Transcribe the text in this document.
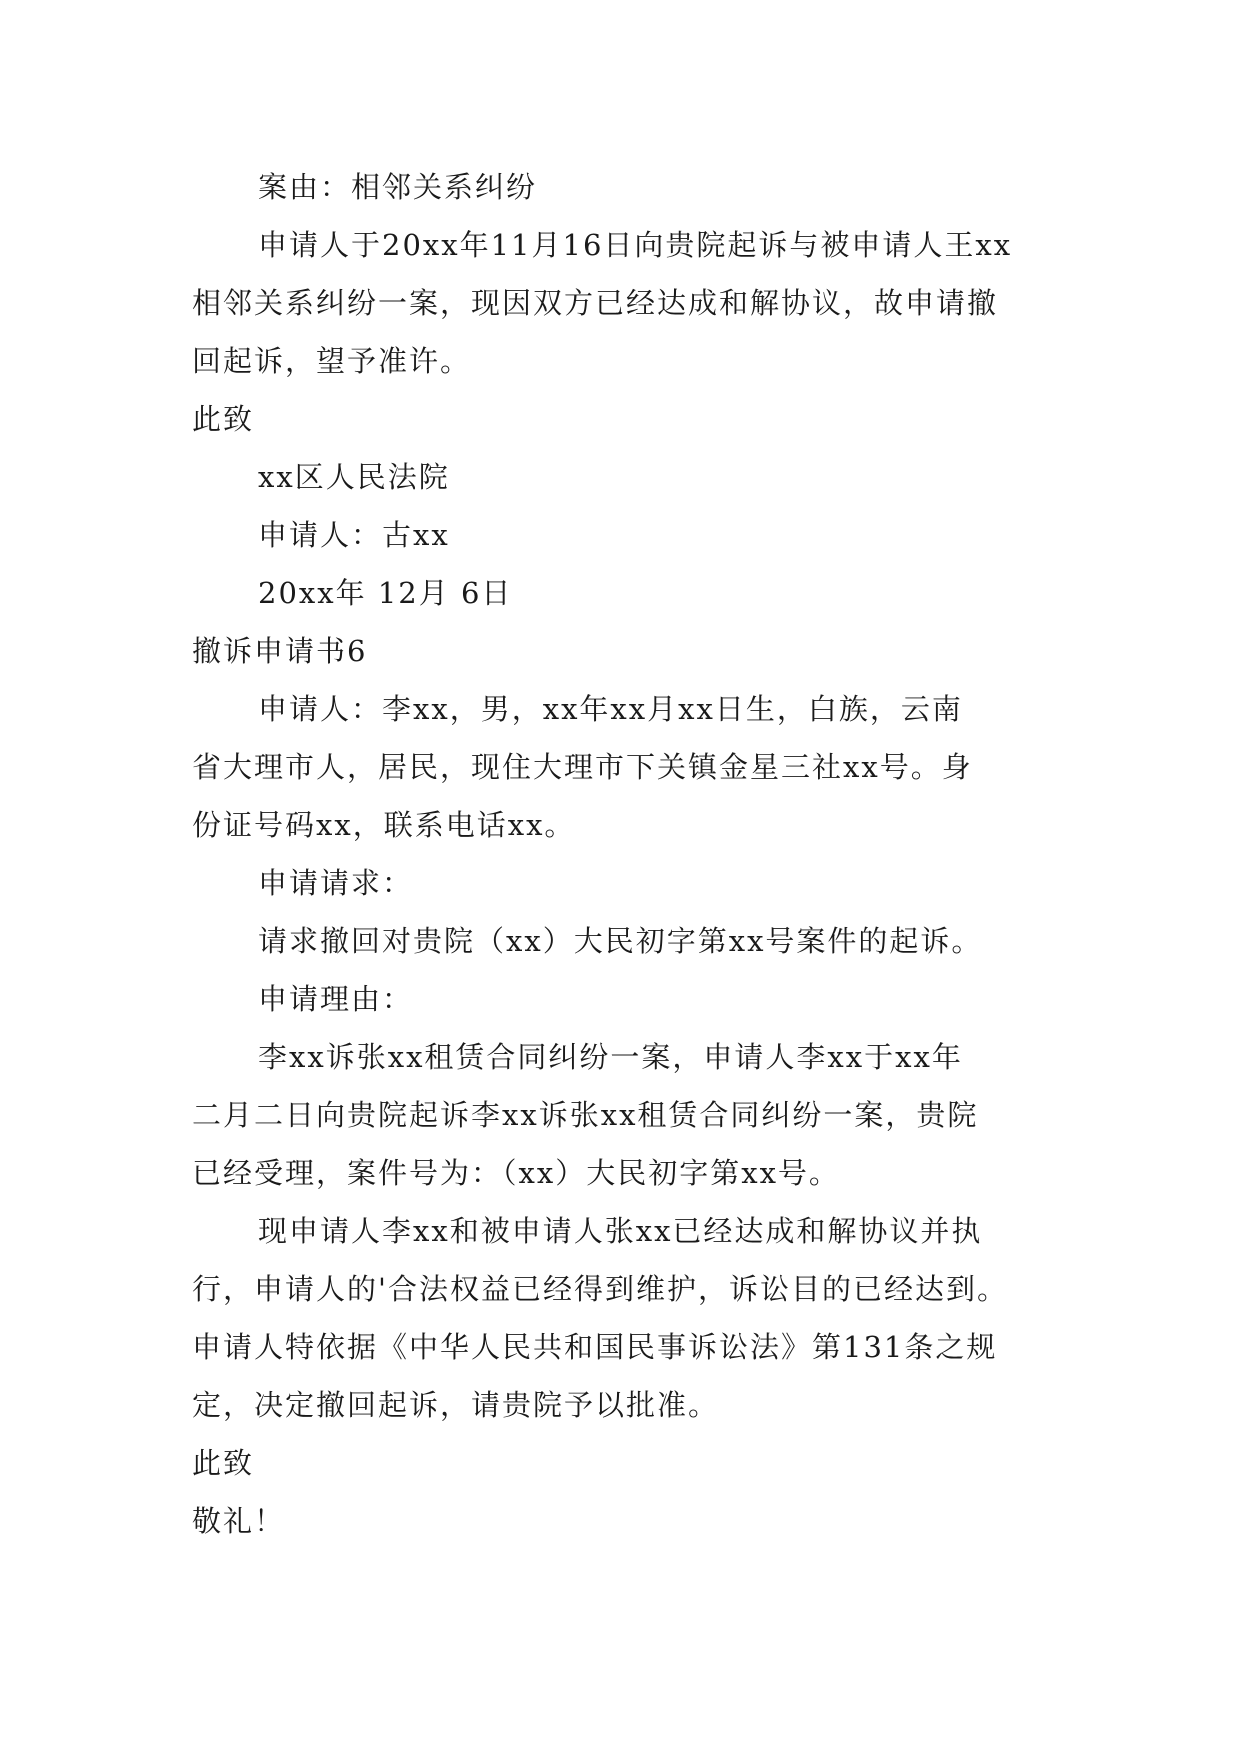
案由：相邻关系纠纷
申请人于20xx年11月16日向贵院起诉与被申请人王xx
相邻关系纠纷一案，现因双方已经达成和解协议，故申请撤
回起诉，望予准许。
此致
xx区人民法院
申请人：古xx
20xx年 12月 6日
撤诉申请书6
申请人：李xx，男，xx年xx月xx日生，白族，云南
省大理市人，居民，现住大理市下关镇金星三社xx号。身
份证号码xx，联系电话xx。
申请请求：
请求撤回对贵院（xx）大民初字第xx号案件的起诉。
申请理由：
李xx诉张xx租赁合同纠纷一案，申请人李xx于xx年
二月二日向贵院起诉李xx诉张xx租赁合同纠纷一案，贵院
已经受理，案件号为：（xx）大民初字第xx号。
现申请人李xx和被申请人张xx已经达成和解协议并执
行，申请人的'合法权益已经得到维护，诉讼目的已经达到。
申请人特依据《中华人民共和国民事诉讼法》第131条之规
定，决定撤回起诉，请贵院予以批准。
此致
敬礼！
